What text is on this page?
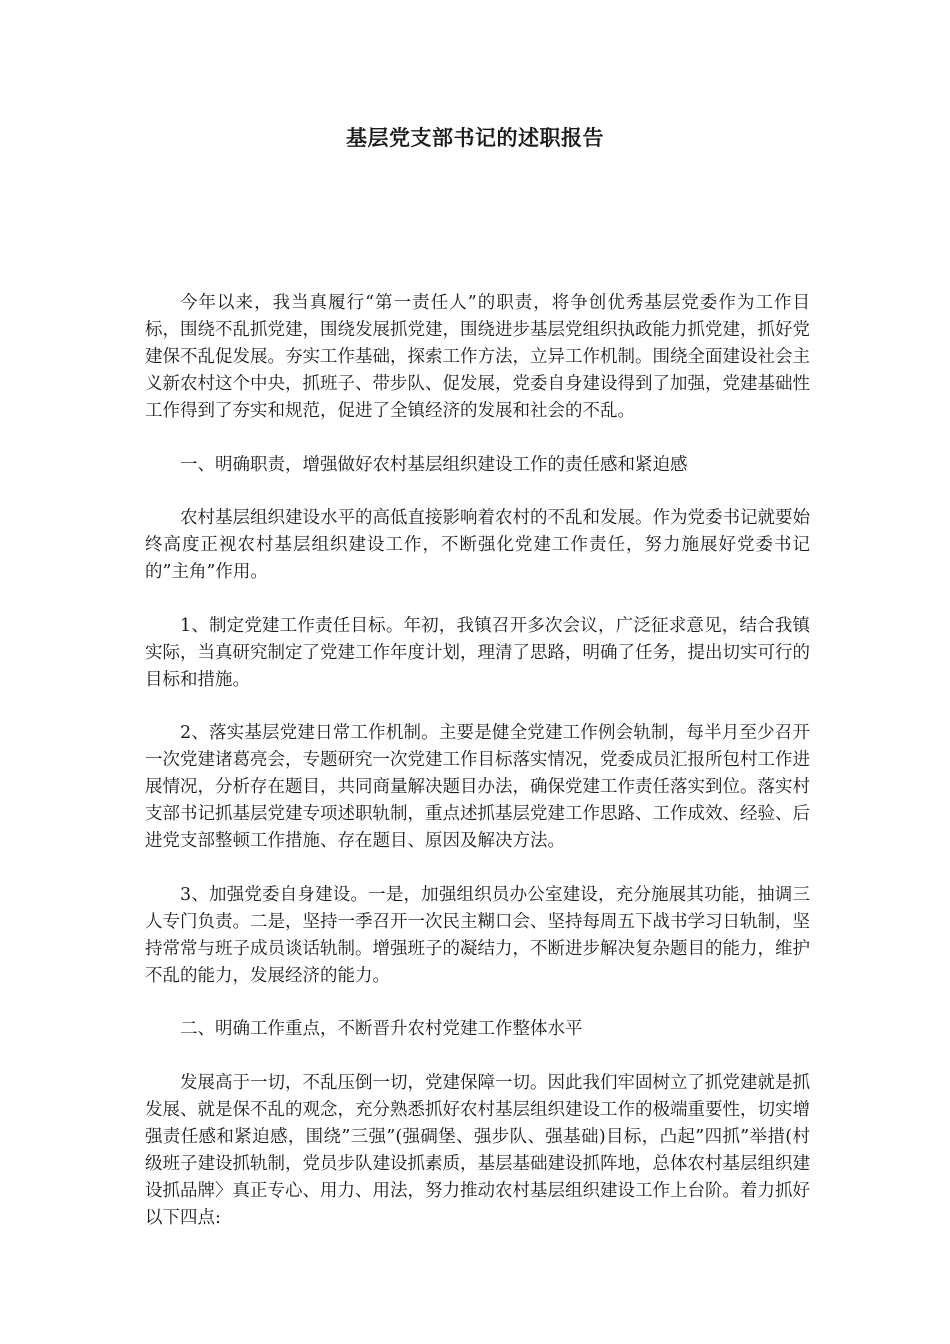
基层党支部书记的述职报告

今年以来，我当真履行“第一责任人”的职责，将争创优秀基层党委作为工作目标，围绕不乱抓党建，围绕发展抓党建，围绕进步基层党组织执政能力抓党建，抓好党建保不乱促发展。夯实工作基础，探索工作方法，立异工作机制。围绕全面建设社会主义新农村这个中央，抓班子、带步队、促发展，党委自身建设得到了加强，党建基础性工作得到了夯实和规范，促进了全镇经济的发展和社会的不乱。

一、明确职责，增强做好农村基层组织建设工作的责任感和紧迫感

农村基层组织建设水平的高低直接影响着农村的不乱和发展。作为党委书记就要始终高度正视农村基层组织建设工作，不断强化党建工作责任，努力施展好党委书记的”主角”作用。

1、制定党建工作责任目标。年初，我镇召开多次会议，广泛征求意见，结合我镇实际，当真研究制定了党建工作年度计划，理清了思路，明确了任务，提出切实可行的目标和措施。

2、落实基层党建日常工作机制。主要是健全党建工作例会轨制，每半月至少召开一次党建诸葛亮会，专题研究一次党建工作目标落实情况，党委成员汇报所包村工作进展情况，分析存在题目，共同商量解决题目办法，确保党建工作责任落实到位。落实村支部书记抓基层党建专项述职轨制，重点述抓基层党建工作思路、工作成效、经验、后进党支部整顿工作措施、存在题目、原因及解决方法。

3、加强党委自身建设。一是，加强组织员办公室建设，充分施展其功能，抽调三人专门负责。二是，坚持一季召开一次民主糊口会、坚持每周五下战书学习日轨制，坚持常常与班子成员谈话轨制。增强班子的凝结力，不断进步解决复杂题目的能力，维护不乱的能力，发展经济的能力。

二、明确工作重点，不断晋升农村党建工作整体水平

发展高于一切，不乱压倒一切，党建保障一切。因此我们牢固树立了抓党建就是抓发展、就是保不乱的观念，充分熟悉抓好农村基层组织建设工作的极端重要性，切实增强责任感和紧迫感，围绕”三强”(强碉堡、强步队、强基础)目标，凸起”四抓”举措(村级班子建设抓轨制，党员步队建设抓素质，基层基础建设抓阵地，总体农村基层组织建设抓品牌〉真正专心、用力、用法，努力推动农村基层组织建设工作上台阶。着力抓好以下四点:
